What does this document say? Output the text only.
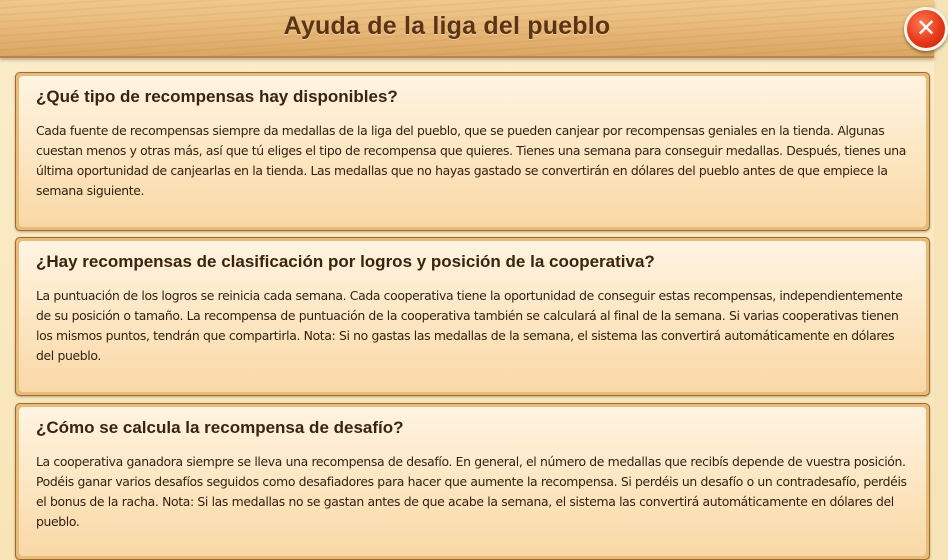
Ayuda de la liga del pueblo	✕
¿Qué tipo de recompensas hay disponibles?

Cada fuente de recompensas siempre da medallas de la liga del pueblo, que se pueden canjear por recompensas geniales en la tienda. Algunas cuestan menos y otras más, así que tú eliges el tipo de recompensa que quieres. Tienes una semana para conseguir medallas. Después, tienes una última oportunidad de canjearlas en la tienda. Las medallas que no hayas gastado se convertirán en dólares del pueblo antes de que empiece la semana siguiente.

¿Hay recompensas de clasificación por logros y posición de la cooperativa?

La puntuación de los logros se reinicia cada semana. Cada cooperativa tiene la oportunidad de conseguir estas recompensas, independientemente de su posición o tamaño. La recompensa de puntuación de la cooperativa también se calculará al final de la semana. Si varias cooperativas tienen los mismos puntos, tendrán que compartirla. Nota: Si no gastas las medallas de la semana, el sistema las convertirá automáticamente en dólares del pueblo.

¿Cómo se calcula la recompensa de desafío?

La cooperativa ganadora siempre se lleva una recompensa de desafío. En general, el número de medallas que recibís depende de vuestra posición. Podéis ganar varios desafíos seguidos como desafiadores para hacer que aumente la recompensa. Si perdéis un desafío o un contradesafío, perdéis el bonus de la racha. Nota: Si las medallas no se gastan antes de que acabe la semana, el sistema las convertirá automáticamente en dólares del pueblo.
